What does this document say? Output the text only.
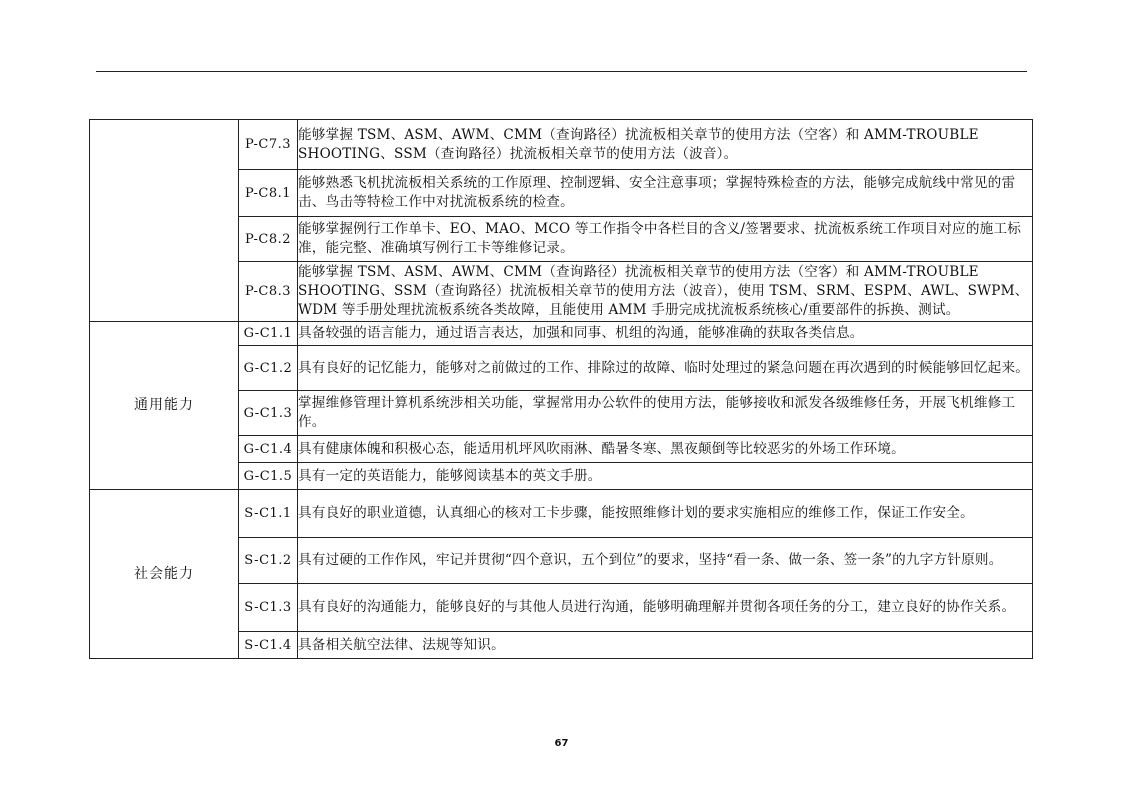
	P-C7.3	能够掌握 TSM、ASM、AWM、CMM（查询路径）扰流板相关章节的使用方法（空客）和 AMM-TROUBLE SHOOTING、SSM（查询路径）扰流板相关章节的使用方法（波音）。
	P-C8.1	能够熟悉飞机扰流板相关系统的工作原理、控制逻辑、安全注意事项；掌握特殊检查的方法，能够完成航线中常见的雷击、鸟击等特检工作中对扰流板系统的检查。
	P-C8.2	能够掌握例行工作单卡、EO、MAO、MCO 等工作指令中各栏目的含义/签署要求、扰流板系统工作项目对应的施工标准，能完整、准确填写例行工卡等维修记录。
	P-C8.3	能够掌握 TSM、ASM、AWM、CMM（查询路径）扰流板相关章节的使用方法（空客）和 AMM-TROUBLE SHOOTING、SSM（查询路径）扰流板相关章节的使用方法（波音），使用 TSM、SRM、ESPM、AWL、SWPM、WDM 等手册处理扰流板系统各类故障，且能使用 AMM 手册完成扰流板系统核心/重要部件的拆换、测试。
通用能力	G-C1.1	具备较强的语言能力，通过语言表达，加强和同事、机组的沟通，能够准确的获取各类信息。
	G-C1.2	具有良好的记忆能力，能够对之前做过的工作、排除过的故障、临时处理过的紧急问题在再次遇到的时候能够回忆起来。
	G-C1.3	掌握维修管理计算机系统涉相关功能，掌握常用办公软件的使用方法，能够接收和派发各级维修任务，开展飞机维修工作。
	G-C1.4	具有健康体魄和积极心态，能适用机坪风吹雨淋、酷暑冬寒、黑夜颠倒等比较恶劣的外场工作环境。
	G-C1.5	具有一定的英语能力，能够阅读基本的英文手册。
社会能力	S-C1.1	具有良好的职业道德，认真细心的核对工卡步骤，能按照维修计划的要求实施相应的维修工作，保证工作安全。
	S-C1.2	具有过硬的工作作风，牢记并贯彻“四个意识，五个到位”的要求，坚持“看一条、做一条、签一条”的九字方针原则。
	S-C1.3	具有良好的沟通能力，能够良好的与其他人员进行沟通，能够明确理解并贯彻各项任务的分工，建立良好的协作关系。
	S-C1.4	具备相关航空法律、法规等知识。
67
